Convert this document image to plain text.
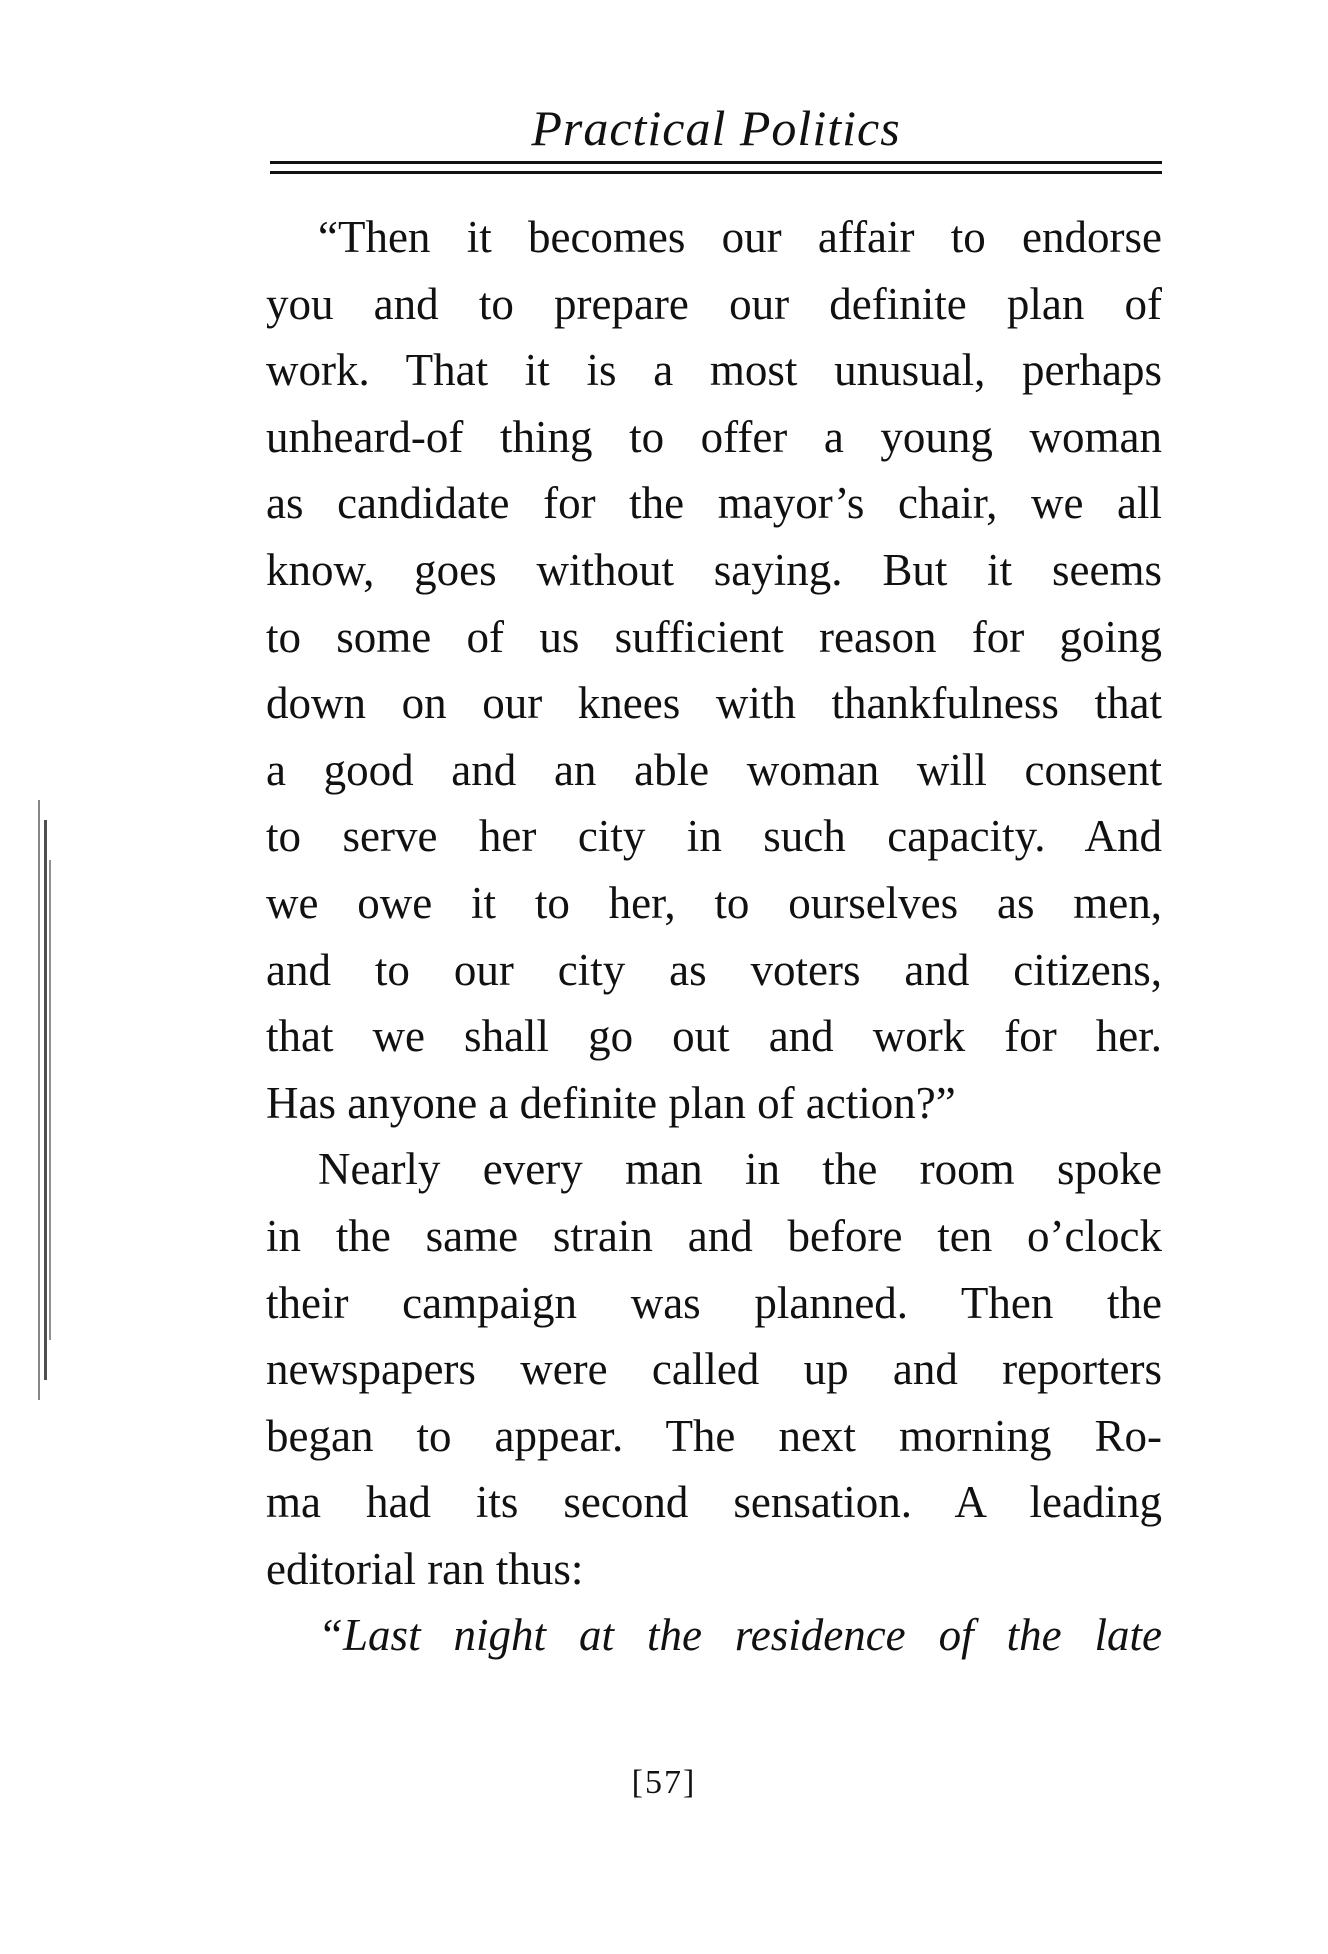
Practical Politics

“Then it becomes our affair to endorse
you and to prepare our definite plan of
work. That it is a most unusual, perhaps
unheard-of thing to offer a young woman
as candidate for the mayor’s chair, we all
know, goes without saying. But it seems
to some of us sufficient reason for going
down on our knees with thankfulness that
a good and an able woman will consent
to serve her city in such capacity. And
we owe it to her, to ourselves as men,
and to our city as voters and citizens,
that we shall go out and work for her.
Has anyone a definite plan of action?”

Nearly every man in the room spoke
in the same strain and before ten o’clock
their campaign was planned. Then the
newspapers were called up and reporters
began to appear. The next morning Ro-
ma had its second sensation. A leading
editorial ran thus:

“Last night at the residence of the late

[57]
